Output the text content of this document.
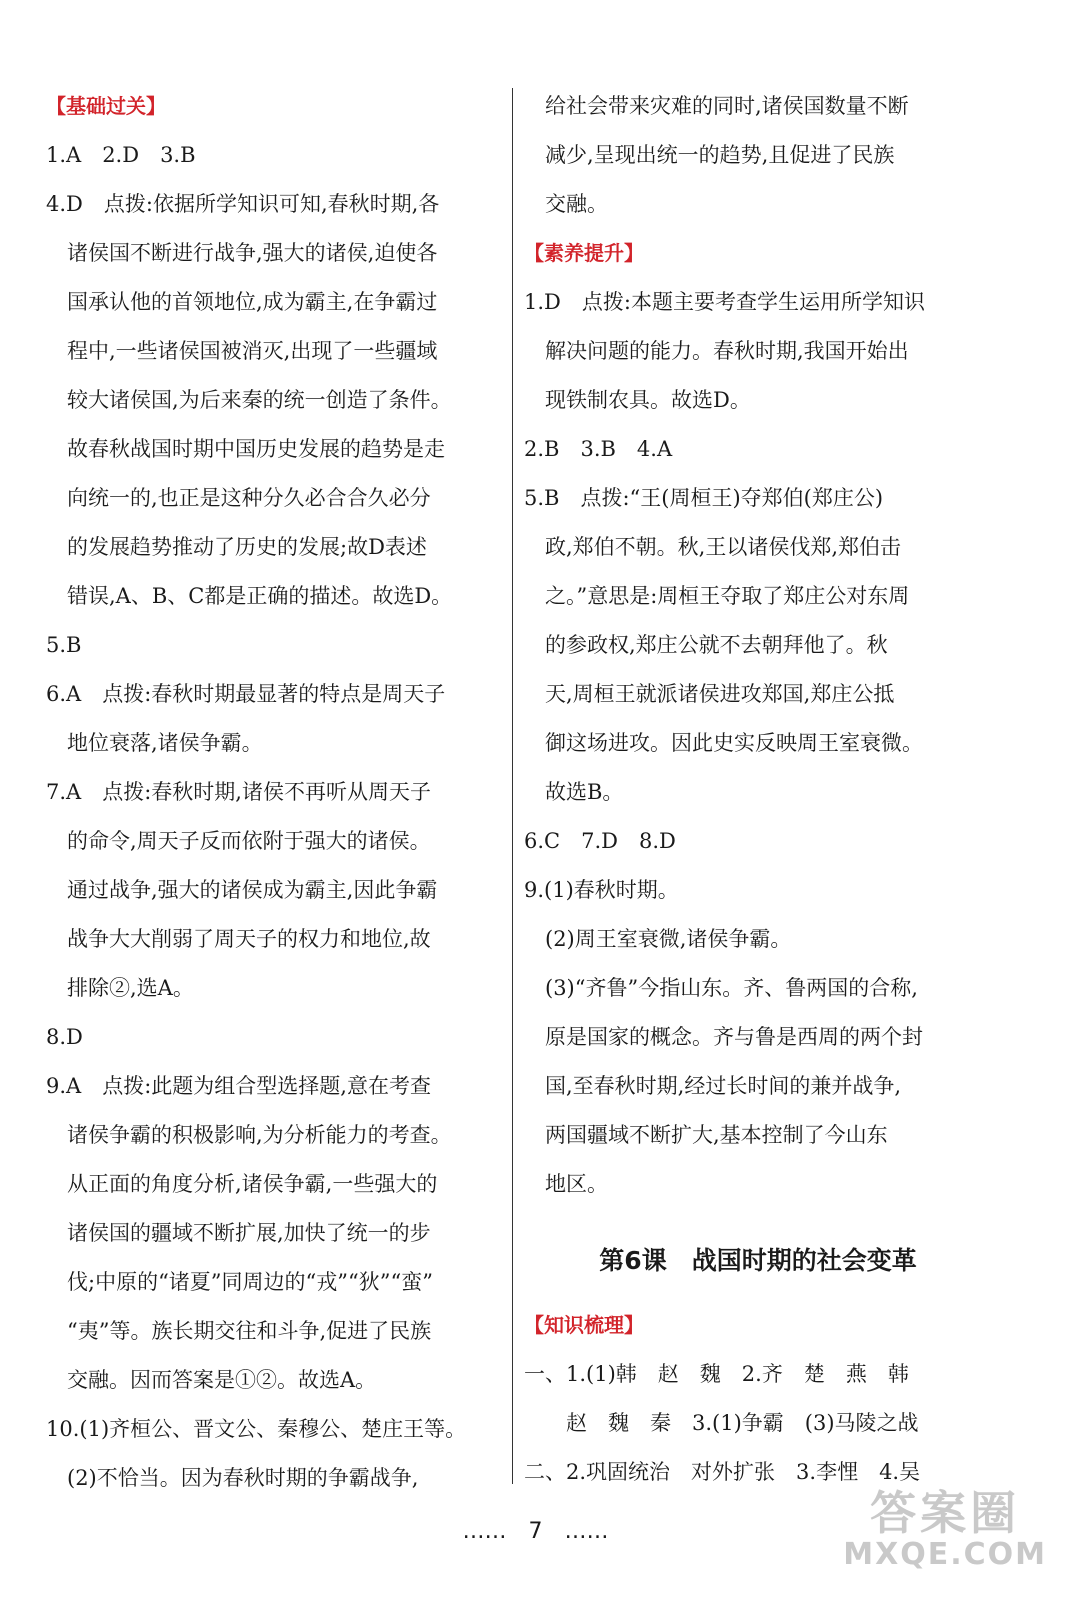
【基础过关】
1.A　2.D　3.B
4.D　点拨:依据所学知识可知,春秋时期,各
　诸侯国不断进行战争,强大的诸侯,迫使各
　国承认他的首领地位,成为霸主,在争霸过
　程中,一些诸侯国被消灭,出现了一些疆域
　较大诸侯国,为后来秦的统一创造了条件。
　故春秋战国时期中国历史发展的趋势是走
　向统一的,也正是这种分久必合合久必分
　的发展趋势推动了历史的发展;故D表述
　错误,A、B、C都是正确的描述。故选D。
5.B
6.A　点拨:春秋时期最显著的特点是周天子
　地位衰落,诸侯争霸。
7.A　点拨:春秋时期,诸侯不再听从周天子
　的命令,周天子反而依附于强大的诸侯。
　通过战争,强大的诸侯成为霸主,因此争霸
　战争大大削弱了周天子的权力和地位,故
　排除②,选A。
8.D
9.A　点拨:此题为组合型选择题,意在考查
　诸侯争霸的积极影响,为分析能力的考查。
　从正面的角度分析,诸侯争霸,一些强大的
　诸侯国的疆域不断扩展,加快了统一的步
　伐;中原的“诸夏”同周边的“戎”“狄”“蛮”
　“夷”等。族长期交往和斗争,促进了民族
　交融。因而答案是①②。故选A。
10.(1)齐桓公、晋文公、秦穆公、楚庄王等。
　(2)不恰当。因为春秋时期的争霸战争,
　给社会带来灾难的同时,诸侯国数量不断
　减少,呈现出统一的趋势,且促进了民族
　交融。
【素养提升】
1.D　点拨:本题主要考查学生运用所学知识
　解决问题的能力。春秋时期,我国开始出
　现铁制农具。故选D。
2.B　3.B　4.A
5.B　点拨:“王(周桓王)夺郑伯(郑庄公)
　政,郑伯不朝。秋,王以诸侯伐郑,郑伯击
　之。”意思是:周桓王夺取了郑庄公对东周
　的参政权,郑庄公就不去朝拜他了。秋
　天,周桓王就派诸侯进攻郑国,郑庄公抵
　御这场进攻。因此史实反映周王室衰微。
　故选B。
6.C　7.D　8.D
9.(1)春秋时期。
　(2)周王室衰微,诸侯争霸。
　(3)“齐鲁”今指山东。齐、鲁两国的合称,
　原是国家的概念。齐与鲁是西周的两个封
　国,至春秋时期,经过长时间的兼并战争,
　两国疆域不断扩大,基本控制了今山东
　地区。
第6课　战国时期的社会变革
【知识梳理】
一、1.(1)韩　赵　魏　2.齐　楚　燕　韩
　　赵　魏　秦　3.(1)争霸　(3)马陵之战
二、2.巩固统治　对外扩张　3.李悝　4.吴
……　7　……	答案圈
MXQE.COM
